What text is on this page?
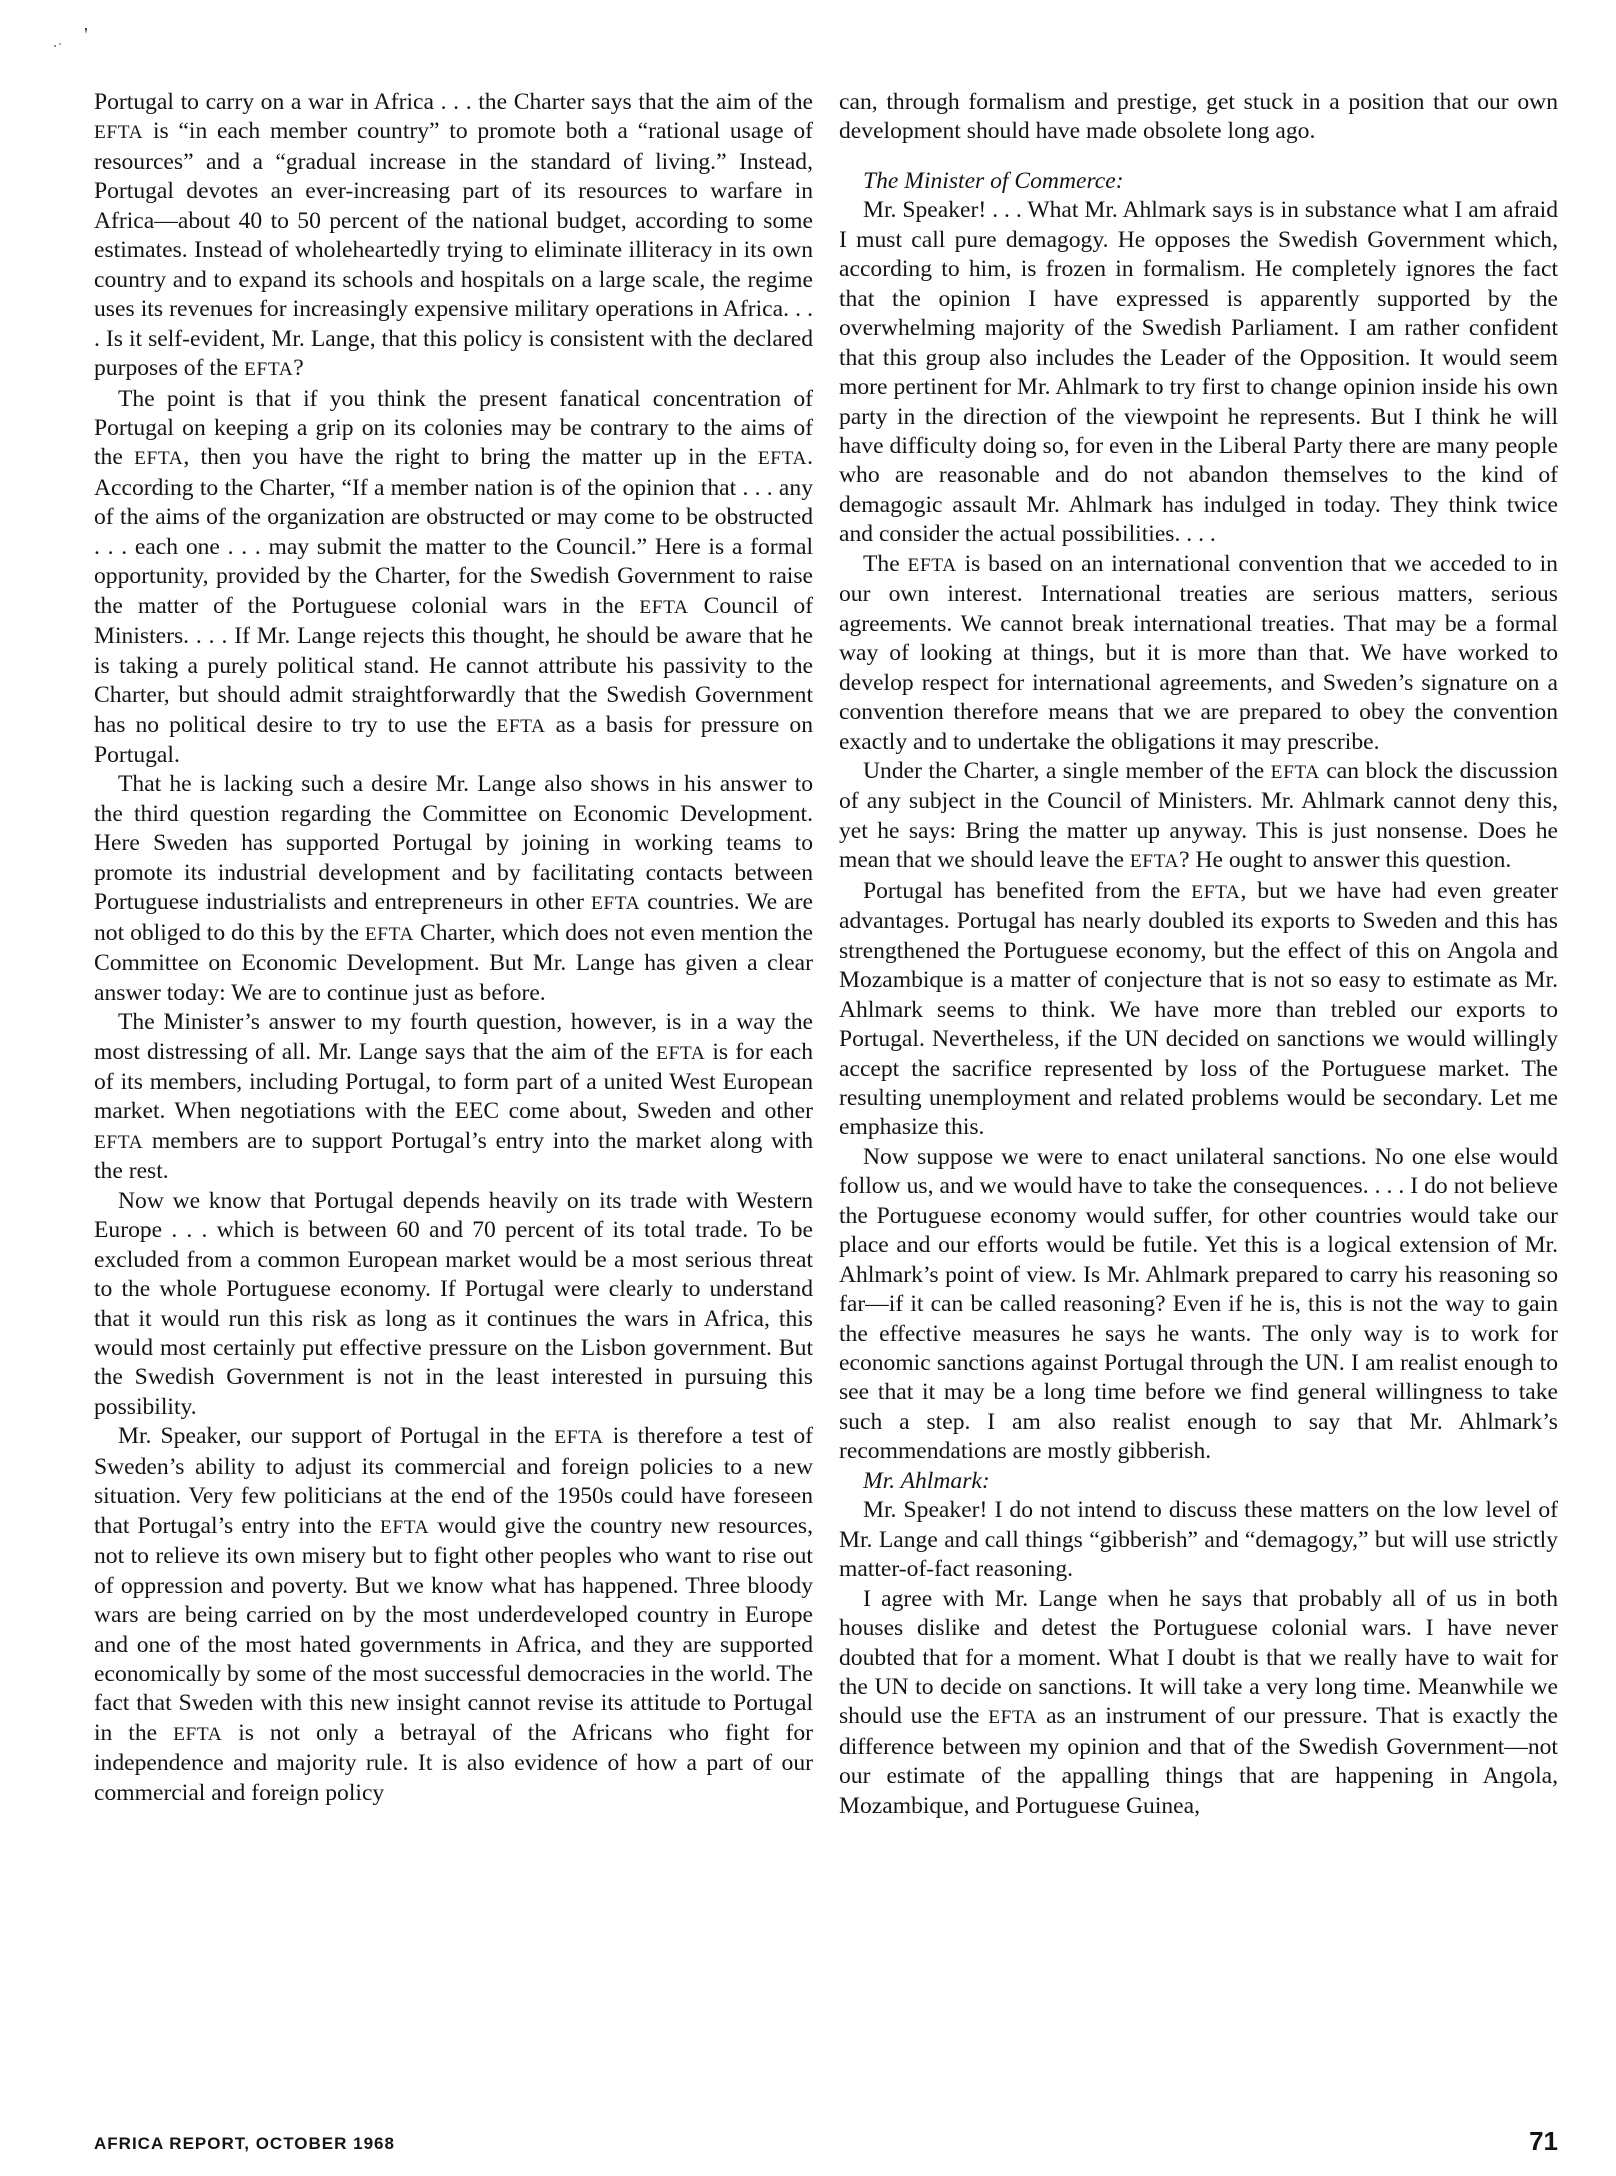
Portugal to carry on a war in Africa . . . the Charter says that the aim of the EFTA is “in each member country” to promote both a “rational usage of resources” and a “gradual increase in the standard of living.” Instead, Portugal devotes an ever-increasing part of its resources to warfare in Africa—about 40 to 50 percent of the national budget, according to some estimates. Instead of wholeheartedly trying to eliminate illiteracy in its own country and to expand its schools and hospitals on a large scale, the regime uses its revenues for increasingly expensive military operations in Africa. . . . Is it self-evident, Mr. Lange, that this policy is consistent with the declared purposes of the EFTA?

The point is that if you think the present fanatical concentration of Portugal on keeping a grip on its colonies may be contrary to the aims of the EFTA, then you have the right to bring the matter up in the EFTA. According to the Charter, “If a member nation is of the opinion that . . . any of the aims of the organization are obstructed or may come to be obstructed . . . each one . . . may submit the matter to the Council.” Here is a formal opportunity, provided by the Charter, for the Swedish Government to raise the matter of the Portuguese colonial wars in the EFTA Council of Ministers. . . . If Mr. Lange rejects this thought, he should be aware that he is taking a purely political stand. He cannot attribute his passivity to the Charter, but should admit straightforwardly that the Swedish Government has no political desire to try to use the EFTA as a basis for pressure on Portugal.

That he is lacking such a desire Mr. Lange also shows in his answer to the third question regarding the Committee on Economic Development. Here Sweden has supported Portugal by joining in working teams to promote its industrial development and by facilitating contacts between Portuguese industrialists and entrepreneurs in other EFTA countries. We are not obliged to do this by the EFTA Charter, which does not even mention the Committee on Economic Development. But Mr. Lange has given a clear answer today: We are to continue just as before.

The Minister’s answer to my fourth question, however, is in a way the most distressing of all. Mr. Lange says that the aim of the EFTA is for each of its members, including Portugal, to form part of a united West European market. When negotiations with the EEC come about, Sweden and other EFTA members are to support Portugal’s entry into the market along with the rest.

Now we know that Portugal depends heavily on its trade with Western Europe . . . which is between 60 and 70 percent of its total trade. To be excluded from a common European market would be a most serious threat to the whole Portuguese economy. If Portugal were clearly to understand that it would run this risk as long as it continues the wars in Africa, this would most certainly put effective pressure on the Lisbon government. But the Swedish Government is not in the least interested in pursuing this possibility.

Mr. Speaker, our support of Portugal in the EFTA is therefore a test of Sweden’s ability to adjust its commercial and foreign policies to a new situation. Very few politicians at the end of the 1950s could have foreseen that Portugal’s entry into the EFTA would give the country new resources, not to relieve its own misery but to fight other peoples who want to rise out of oppression and poverty. But we know what has happened. Three bloody wars are being carried on by the most underdeveloped country in Europe and one of the most hated governments in Africa, and they are supported economically by some of the most successful democracies in the world. The fact that Sweden with this new insight cannot revise its attitude to Portugal in the EFTA is not only a betrayal of the Africans who fight for independence and majority rule. It is also evidence of how a part of our commercial and foreign policy

can, through formalism and prestige, get stuck in a position that our own development should have made obsolete long ago.

The Minister of Commerce:

Mr. Speaker! . . . What Mr. Ahlmark says is in substance what I am afraid I must call pure demagogy. He opposes the Swedish Government which, according to him, is frozen in formalism. He completely ignores the fact that the opinion I have expressed is apparently supported by the overwhelming majority of the Swedish Parliament. I am rather confident that this group also includes the Leader of the Opposition. It would seem more pertinent for Mr. Ahlmark to try first to change opinion inside his own party in the direction of the viewpoint he represents. But I think he will have difficulty doing so, for even in the Liberal Party there are many people who are reasonable and do not abandon themselves to the kind of demagogic assault Mr. Ahlmark has indulged in today. They think twice and consider the actual possibilities. . . .

The EFTA is based on an international convention that we acceded to in our own interest. International treaties are serious matters, serious agreements. We cannot break international treaties. That may be a formal way of looking at things, but it is more than that. We have worked to develop respect for international agreements, and Sweden’s signature on a convention therefore means that we are prepared to obey the convention exactly and to undertake the obligations it may prescribe.

Under the Charter, a single member of the EFTA can block the discussion of any subject in the Council of Ministers. Mr. Ahlmark cannot deny this, yet he says: Bring the matter up anyway. This is just nonsense. Does he mean that we should leave the EFTA? He ought to answer this question.

Portugal has benefited from the EFTA, but we have had even greater advantages. Portugal has nearly doubled its exports to Sweden and this has strengthened the Portuguese economy, but the effect of this on Angola and Mozambique is a matter of conjecture that is not so easy to estimate as Mr. Ahlmark seems to think. We have more than trebled our exports to Portugal. Nevertheless, if the UN decided on sanctions we would willingly accept the sacrifice represented by loss of the Portuguese market. The resulting unemployment and related problems would be secondary. Let me emphasize this.

Now suppose we were to enact unilateral sanctions. No one else would follow us, and we would have to take the consequences. . . . I do not believe the Portuguese economy would suffer, for other countries would take our place and our efforts would be futile. Yet this is a logical extension of Mr. Ahlmark’s point of view. Is Mr. Ahlmark prepared to carry his reasoning so far—if it can be called reasoning? Even if he is, this is not the way to gain the effective measures he says he wants. The only way is to work for economic sanctions against Portugal through the UN. I am realist enough to see that it may be a long time before we find general willingness to take such a step. I am also realist enough to say that Mr. Ahlmark’s recommendations are mostly gibberish.

Mr. Ahlmark:

Mr. Speaker! I do not intend to discuss these matters on the low level of Mr. Lange and call things “gibberish” and “demagogy,” but will use strictly matter-of-fact reasoning.

I agree with Mr. Lange when he says that probably all of us in both houses dislike and detest the Portuguese colonial wars. I have never doubted that for a moment. What I doubt is that we really have to wait for the UN to decide on sanctions. It will take a very long time. Meanwhile we should use the EFTA as an instrument of our pressure. That is exactly the difference between my opinion and that of the Swedish Government—not our estimate of the appalling things that are happening in Angola, Mozambique, and Portuguese Guinea,

AFRICA REPORT, OCTOBER 1968	71
